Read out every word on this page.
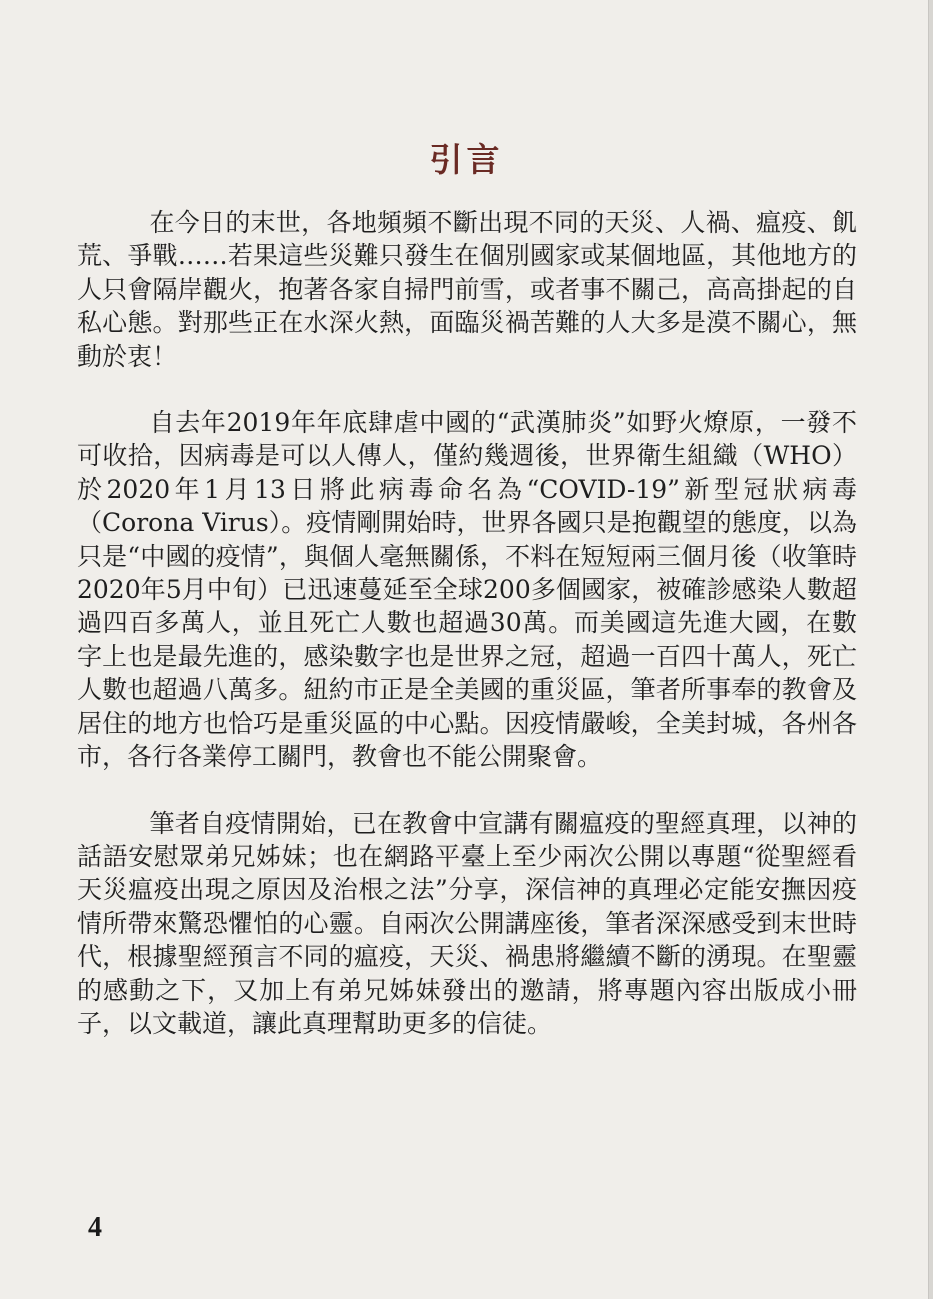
引言

在今日的末世，各地頻頻不斷出現不同的天災、人禍、瘟疫、飢荒、爭戰……若果這些災難只發生在個別國家或某個地區，其他地方的人只會隔岸觀火，抱著各家自掃門前雪，或者事不關己，高高掛起的自私心態。對那些正在水深火熱，面臨災禍苦難的人大多是漠不關心，無動於衷！

自去年2019年年底肆虐中國的“武漢肺炎”如野火燎原，一發不可收拾，因病毒是可以人傳人，僅約幾週後，世界衛生組織（WHO）於2020年1月13日將此病毒命名為“COVID-19”新型冠狀病毒（Corona Virus）。疫情剛開始時，世界各國只是抱觀望的態度，以為只是“中國的疫情”，與個人毫無關係，不料在短短兩三個月後（收筆時2020年5月中旬）已迅速蔓延至全球200多個國家，被確診感染人數超過四百多萬人，並且死亡人數也超過30萬。而美國這先進大國，在數字上也是最先進的，感染數字也是世界之冠，超過一百四十萬人，死亡人數也超過八萬多。紐約市正是全美國的重災區，筆者所事奉的教會及居住的地方也恰巧是重災區的中心點。因疫情嚴峻，全美封城，各州各市，各行各業停工關門，教會也不能公開聚會。

筆者自疫情開始，已在教會中宣講有關瘟疫的聖經真理，以神的話語安慰眾弟兄姊妹；也在網路平臺上至少兩次公開以專題“從聖經看天災瘟疫出現之原因及治根之法”分享，深信神的真理必定能安撫因疫情所帶來驚恐懼怕的心靈。自兩次公開講座後，筆者深深感受到末世時代，根據聖經預言不同的瘟疫，天災、禍患將繼續不斷的湧現。在聖靈的感動之下，又加上有弟兄姊妹發出的邀請，將專題內容出版成小冊子，以文載道，讓此真理幫助更多的信徒。

4
